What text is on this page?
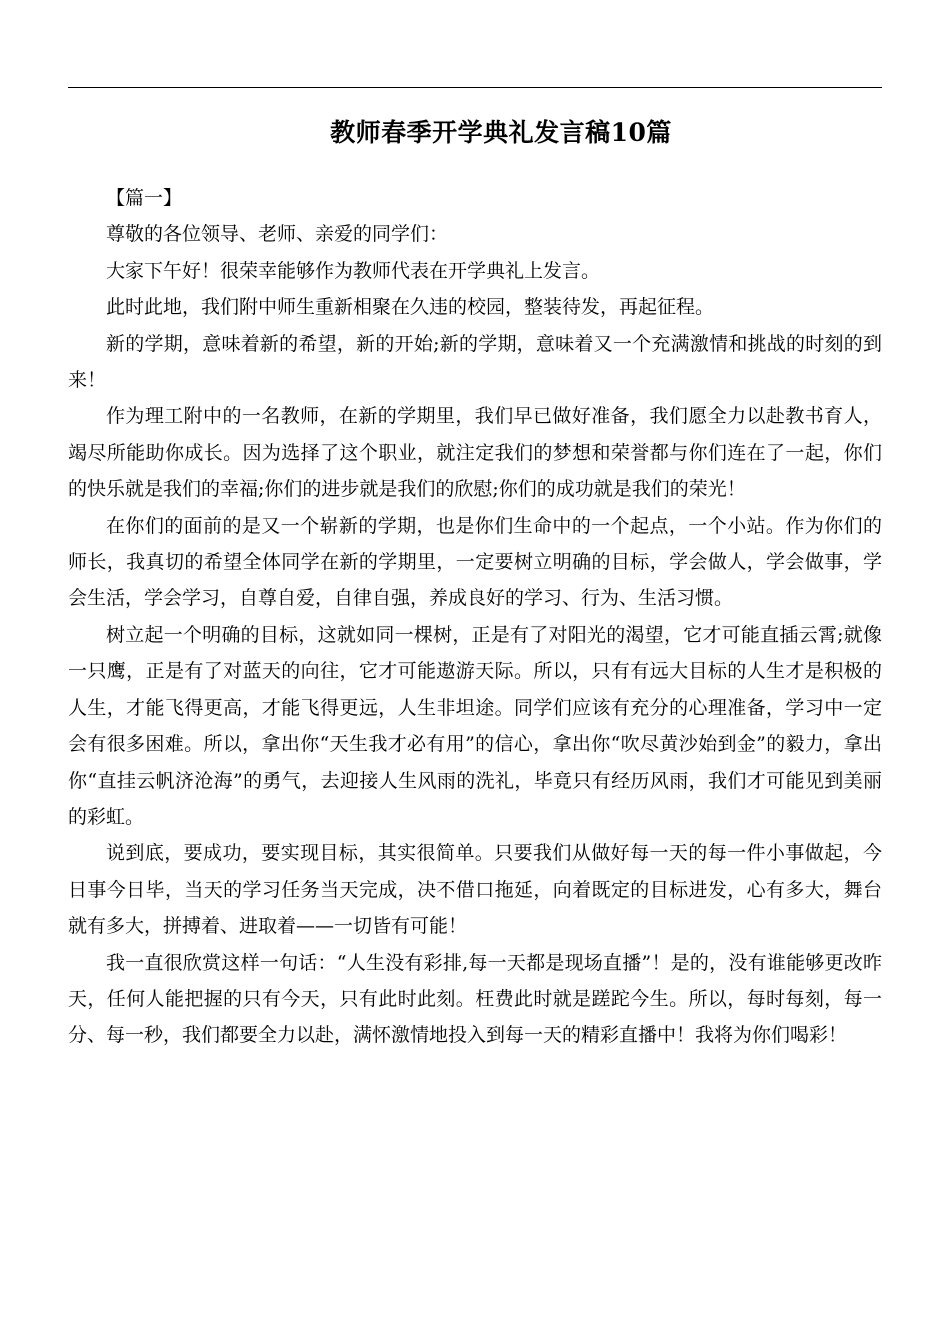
教师春季开学典礼发言稿10篇

【篇一】

尊敬的各位领导、老师、亲爱的同学们：

大家下午好！很荣幸能够作为教师代表在开学典礼上发言。

此时此地，我们附中师生重新相聚在久违的校园，整装待发，再起征程。

新的学期，意味着新的希望，新的开始;新的学期，意味着又一个充满激情和挑战的时刻的到来！

作为理工附中的一名教师，在新的学期里，我们早已做好准备，我们愿全力以赴教书育人，竭尽所能助你成长。因为选择了这个职业，就注定我们的梦想和荣誉都与你们连在了一起，你们的快乐就是我们的幸福;你们的进步就是我们的欣慰;你们的成功就是我们的荣光！

在你们的面前的是又一个崭新的学期，也是你们生命中的一个起点，一个小站。作为你们的师长，我真切的希望全体同学在新的学期里，一定要树立明确的目标，学会做人，学会做事，学会生活，学会学习，自尊自爱，自律自强，养成良好的学习、行为、生活习惯。

树立起一个明确的目标，这就如同一棵树，正是有了对阳光的渴望，它才可能直插云霄;就像一只鹰，正是有了对蓝天的向往，它才可能遨游天际。所以，只有有远大目标的人生才是积极的人生，才能飞得更高，才能飞得更远，人生非坦途。同学们应该有充分的心理准备，学习中一定会有很多困难。所以，拿出你“天生我才必有用”的信心，拿出你“吹尽黄沙始到金”的毅力，拿出你“直挂云帆济沧海”的勇气，去迎接人生风雨的洗礼，毕竟只有经历风雨，我们才可能见到美丽的彩虹。

说到底，要成功，要实现目标，其实很简单。只要我们从做好每一天的每一件小事做起，今日事今日毕，当天的学习任务当天完成，决不借口拖延，向着既定的目标进发，心有多大，舞台就有多大，拼搏着、进取着——一切皆有可能！

我一直很欣赏这样一句话：“人生没有彩排,每一天都是现场直播”！是的，没有谁能够更改昨天，任何人能把握的只有今天，只有此时此刻。枉费此时就是蹉跎今生。所以，每时每刻，每一分、每一秒，我们都要全力以赴，满怀激情地投入到每一天的精彩直播中！我将为你们喝彩！
